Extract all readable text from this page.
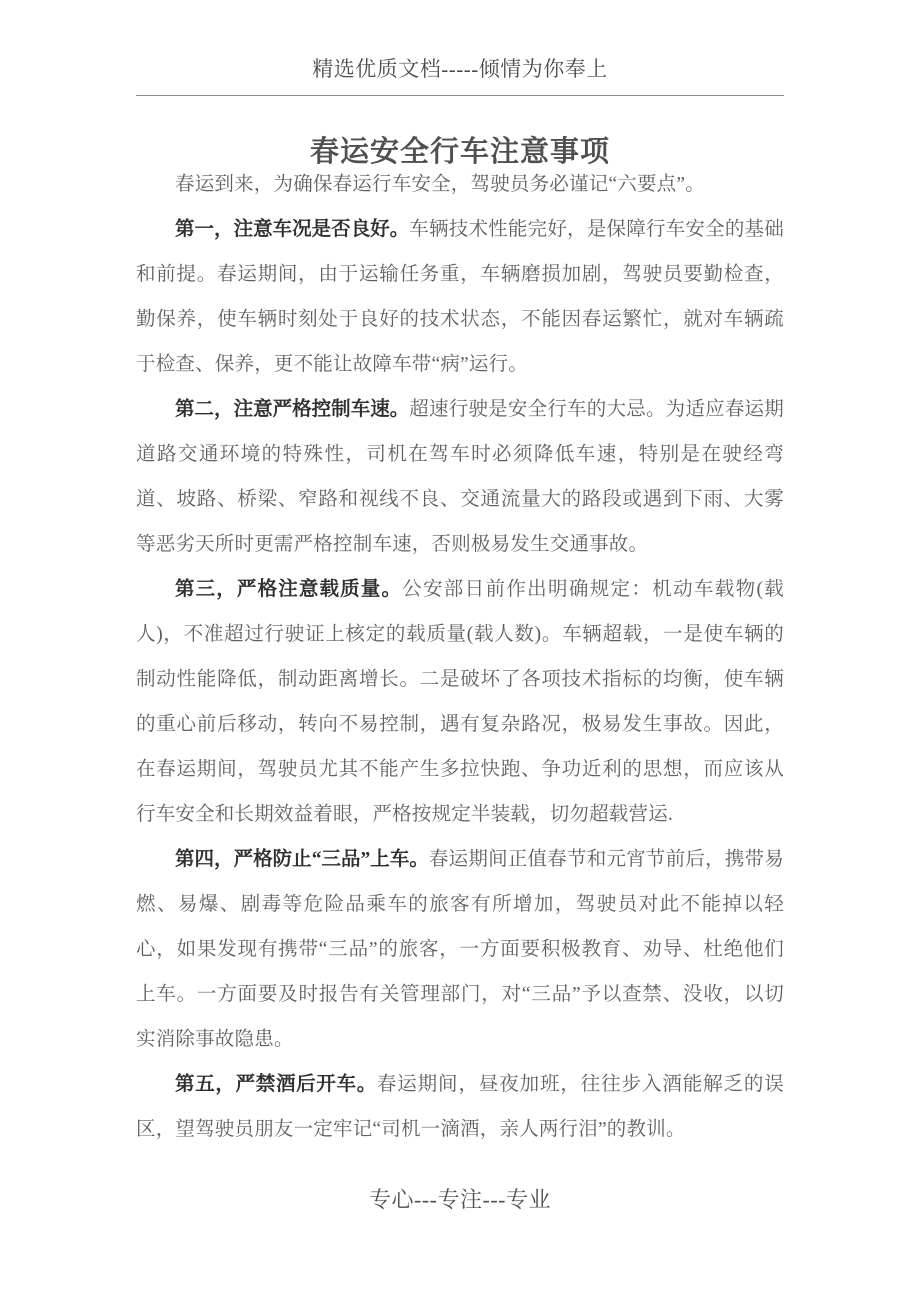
精选优质文档-----倾情为你奉上
春运安全行车注意事项

春运到来，为确保春运行车安全，驾驶员务必谨记“六要点”。

第一，注意车况是否良好。车辆技术性能完好，是保障行车安全的基础和前提。春运期间，由于运输任务重，车辆磨损加剧，驾驶员要勤检查，勤保养，使车辆时刻处于良好的技术状态，不能因春运繁忙，就对车辆疏于检查、保养，更不能让故障车带“病”运行。

第二，注意严格控制车速。超速行驶是安全行车的大忌。为适应春运期道路交通环境的特殊性，司机在驾车时必须降低车速，特别是在驶经弯道、坡路、桥梁、窄路和视线不良、交通流量大的路段或遇到下雨、大雾等恶劣天所时更需严格控制车速，否则极易发生交通事故。

第三，严格注意载质量。公安部日前作出明确规定：机动车载物(载人)，不准超过行驶证上核定的载质量(载人数)。车辆超载，一是使车辆的制动性能降低，制动距离增长。二是破坏了各项技术指标的均衡，使车辆的重心前后移动，转向不易控制，遇有复杂路况，极易发生事故。因此，在春运期间，驾驶员尤其不能产生多拉快跑、争功近利的思想，而应该从行车安全和长期效益着眼，严格按规定半装载，切勿超载营运.

第四，严格防止“三品”上车。春运期间正值春节和元宵节前后，携带易燃、易爆、剧毒等危险品乘车的旅客有所增加，驾驶员对此不能掉以轻心，如果发现有携带“三品”的旅客，一方面要积极教育、劝导、杜绝他们上车。一方面要及时报告有关管理部门，对“三品”予以查禁、没收，以切实消除事故隐患。

第五，严禁酒后开车。春运期间，昼夜加班，往往步入酒能解乏的误区，望驾驶员朋友一定牢记“司机一滴酒，亲人两行泪”的教训。

专心---专注---专业
